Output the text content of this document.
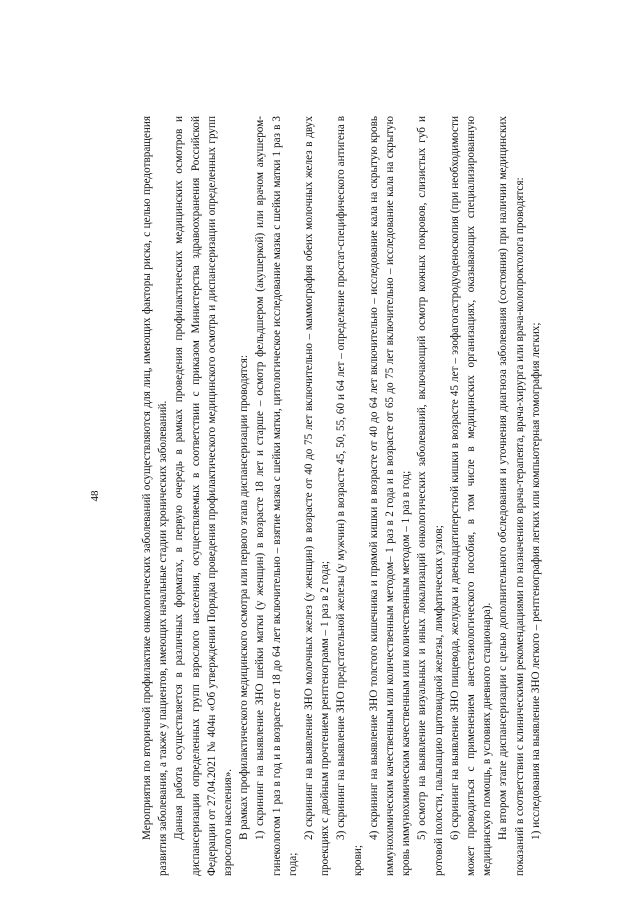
48	Мероприятия по вторичной профилактике онкологических заболеваний осуществляются для лиц, имеющих факторы риска, с целью предотвращения развития заболевания, а также у пациентов, имеющих начальные стадии хронических заболеваний. Данная работа осуществляется в различных форматах, в первую очередь в рамках проведения профилактических медицинских осмотров и диспансеризации определенных групп взрослого населения, осуществляемых в соответствии с приказом Министерства здравоохранения Российской Федерации от 27.04.2021 № 404н «Об утверждении Порядка проведения профилактического медицинского осмотра и диспансеризации определенных групп взрослого населения». В рамках профилактического медицинского осмотра или первого этапа диспансеризации проводятся: 1) скрининг на выявление ЗНО шейки матки (у женщин) в возрасте 18 лет и старше – осмотр фельдшером (акушеркой) или врачом акушером-гинекологом 1 раз в год и в возрасте от 18 до 64 лет включительно – взятие мазка с шейки матки, цитологическое исследование мазка с шейки матки 1 раз в 3 года;

2) скрининг на выявление ЗНО молочных желез (у женщин) в возрасте от 40 до 75 лет включительно – маммография обеих молочных желез в двух проекциях с двойным прочтением рентгенограмм – 1 раз в 2 года; 3) скрининг на выявление ЗНО предстательной железы (у мужчин) в возрасте 45, 50, 55, 60 и 64 лет – определение простат-специфического антигена в крови;

4) скрининг на выявление ЗНО толстого кишечника и прямой кишки в возрасте от 40 до 64 лет включительно – исследование кала на скрытую кровь иммунохимическим качественным или количественным методом– 1 раз в 2 года и в возрасте от 65 до 75 лет включительно – исследование кала на скрытую кровь иммунохимическим качественным или количественным методом – 1 раз в год; 5) осмотр на выявление визуальных и иных локализаций онкологических заболеваний, включающий осмотр кожных покровов, слизистых губ и ротовой полости, пальпацию щитовидной железы, лимфатических узлов; 6) скрининг на выявление ЗНО пищевода, желудка и двенадцатиперстной кишки в возрасте 45 лет – эзофагогастродуоденоскопия (при необходимости может проводиться с применением анестезиологического пособия, в том числе в медицинских организациях, оказывающих специализированную медицинскую помощь, в условиях дневного стационара). На втором этапе диспансеризации с целью дополнительного обследования и уточнения диагноза заболевания (состояния) при наличии медицинских показаний в соответствии с клиническими рекомендациями по назначению врача-терапевта, врача-хирурга или врача-колопроктолога проводятся: 1) исследования на выявление ЗНО легкого – рентгенография легких или компьютерная томография легких;
